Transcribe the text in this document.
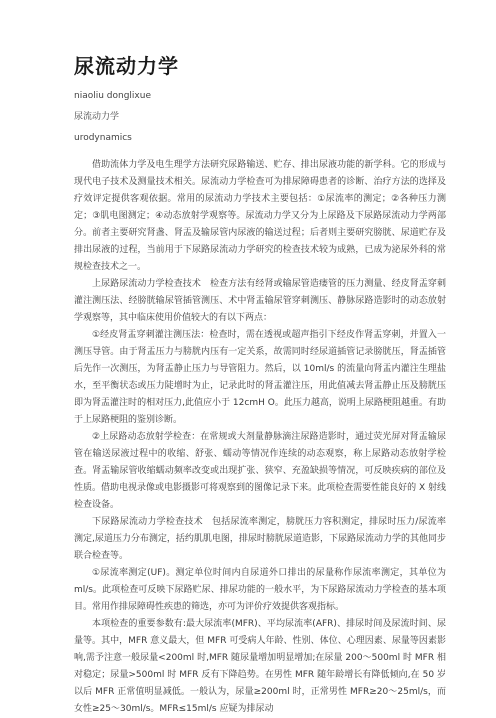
尿流动力学
niaoliu donglixue
尿流动力学
urodynamics

借助流体力学及电生理学方法研究尿路输送、贮存、排出尿液功能的新学科。它的形成与现代电子技术及测量技术相关。尿流动力学检查可为排尿障碍患者的诊断、治疗方法的选择及疗效评定提供客观依据。常用的尿流动力学技术主要包括：①尿流率的测定；②各种压力测定；③肌电图测定；④动态放射学观察等。尿流动力学又分为上尿路及下尿路尿流动力学两部分。前者主要研究肾盏、肾盂及输尿管内尿液的输送过程；后者则主要研究膀胱、尿道贮存及排出尿液的过程，当前用于下尿路尿流动力学研究的检查技术较为成熟，已成为泌尿外科的常规检查技术之一。

上尿路尿流动力学检查技术　检查方法有经肾或输尿管造瘘管的压力测量、经皮肾盂穿刺灌注测压法、经膀胱输尿管插管测压、术中肾盂输尿管穿刺测压、静脉尿路造影时的动态放射学观察等，其中临床使用价值较大的有以下两点：

①经皮肾盂穿刺灌注测压法：检查时，需在透视或超声指引下经皮作肾盂穿刺，并置入一测压导管。由于肾盂压力与膀胱内压有一定关系，故需同时经尿道插管记录膀胱压，肾盂插管后先作一次测压，为肾盂静止压力与导管阻力。然后，以 10ml/s 的流量向肾盂内灌注生理盐水，至平衡状态或压力陡增时为止，记录此时的肾盂灌注压，用此值减去肾盂静止压及膀胱压即为肾盂灌注时的相对压力,此值应小于 12cmH O。此压力越高，说明上尿路梗阻越重。有助于上尿路梗阻的鉴别诊断。

②上尿路动态放射学检查：在常规或大剂量静脉滴注尿路造影时，通过荧光屏对肾盂输尿管在输送尿液过程中的收缩、舒张、蠕动等情况作连续的动态观察，称上尿路动态放射学检查。肾盂输尿管收缩蠕动频率改变或出现扩张、狭窄、充盈缺损等情况，可反映疾病的部位及性质。借助电视录像或电影摄影可将观察到的图像记录下来。此项检查需要性能良好的 X 射线检查设备。

下尿路尿流动力学检查技术　包括尿流率测定，膀胱压力容积测定，排尿时压力/尿流率测定,尿道压力分布测定，括约肌肌电图，排尿时膀胱尿道造影，下尿路尿流动力学的其他同步联合检查等。

①尿流率测定(UF)。测定单位时间内自尿道外口排出的尿量称作尿流率测定，其单位为 ml/s。此项检查可反映下尿路贮尿、排尿功能的一般水平，为下尿路尿流动力学检查的基本项目。常用作排尿障碍性疾患的筛选，亦可为评价疗效提供客观指标。

本项检查的重要参数有:最大尿流率(MFR)、平均尿流率(AFR)、排尿时间及尿流时间、尿量等。其中，MFR 意义最大，但 MFR 可受病人年龄、性别、体位、心理因素、尿量等因素影响,需予注意一般尿量<200ml 时,MFR 随尿量增加明显增加;在尿量 200～500ml 时 MFR 相对稳定；尿量>500ml 时 MFR 反有下降趋势。在男性 MFR 随年龄增长有降低倾向,在 50 岁以后 MFR 正常值明显减低。一般认为，尿量≥200ml 时，正常男性 MFR≥20～25ml/s，而女性≥25～30ml/s。MFR≤15ml/s 应疑为排尿动
